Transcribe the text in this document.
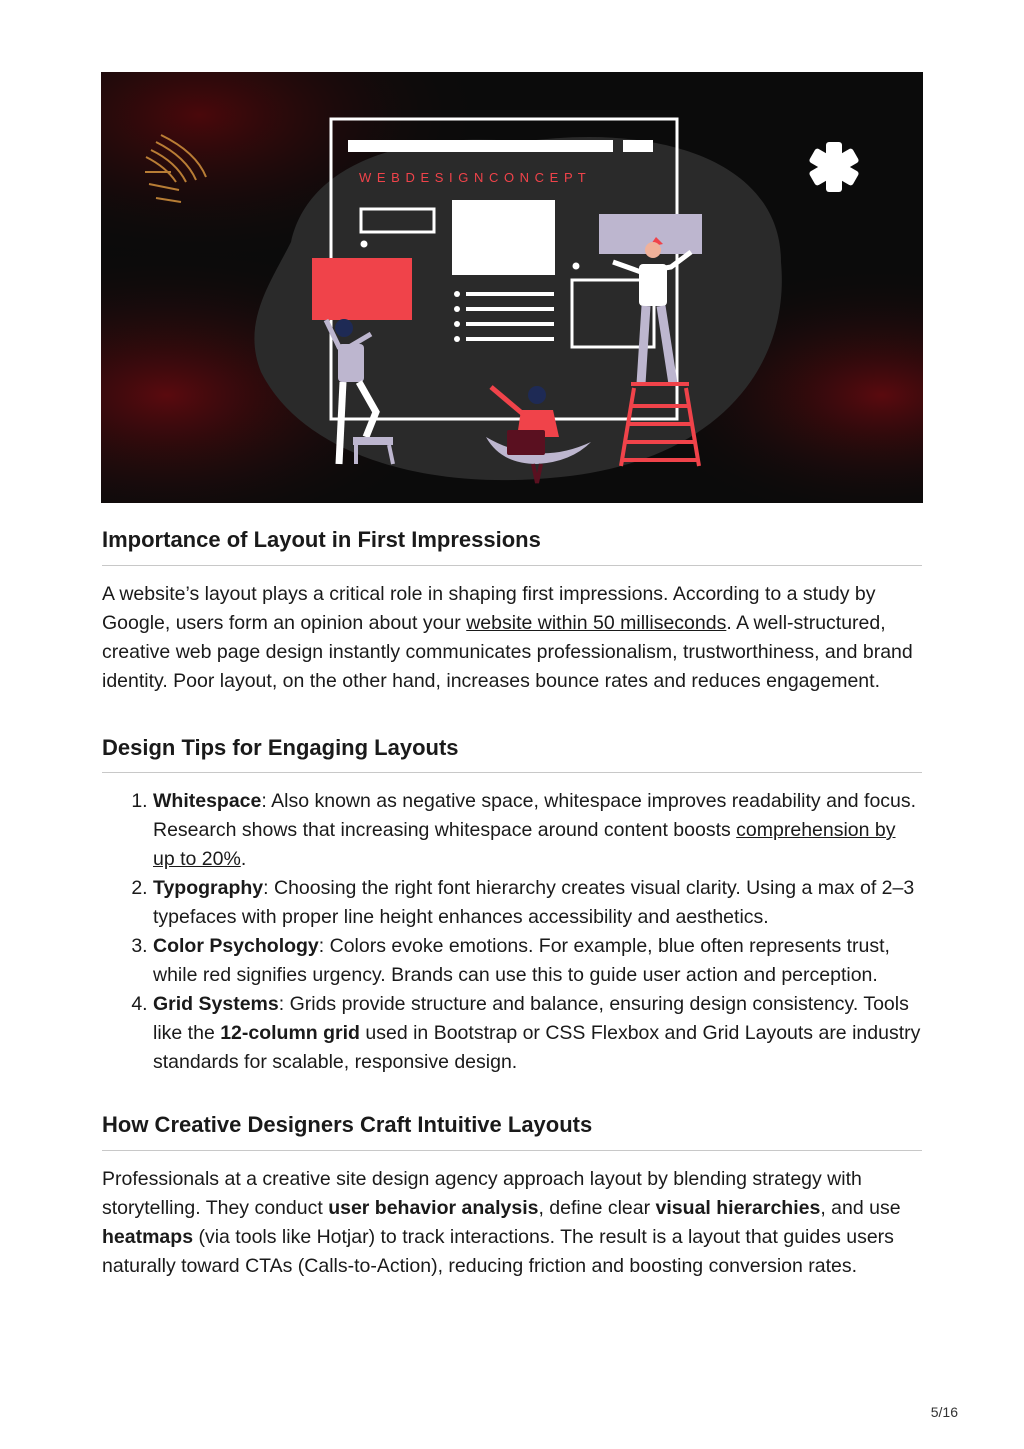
W E B D E S I G N C O N C E P T
Importance of Layout in First Impressions

A website’s layout plays a critical role in shaping first impressions. According to a study by Google, users form an opinion about your website within 50 milliseconds. A well-structured, creative web page design instantly communicates professionalism, trustworthiness, and brand identity. Poor layout, on the other hand, increases bounce rates and reduces engagement.

Design Tips for Engaging Layouts
1. Whitespace: Also known as negative space, whitespace improves readability and focus. Research shows that increasing whitespace around content boosts comprehension by up to 20%.
2. Typography: Choosing the right font hierarchy creates visual clarity. Using a max of 2–3 typefaces with proper line height enhances accessibility and aesthetics.
3. Color Psychology: Colors evoke emotions. For example, blue often represents trust, while red signifies urgency. Brands can use this to guide user action and perception.
4. Grid Systems: Grids provide structure and balance, ensuring design consistency. Tools like the 12-column grid used in Bootstrap or CSS Flexbox and Grid Layouts are industry standards for scalable, responsive design.
How Creative Designers Craft Intuitive Layouts

Professionals at a creative site design agency approach layout by blending strategy with storytelling. They conduct user behavior analysis, define clear visual hierarchies, and use heatmaps (via tools like Hotjar) to track interactions. The result is a layout that guides users naturally toward CTAs (Calls-to-Action), reducing friction and boosting conversion rates.

5/16
